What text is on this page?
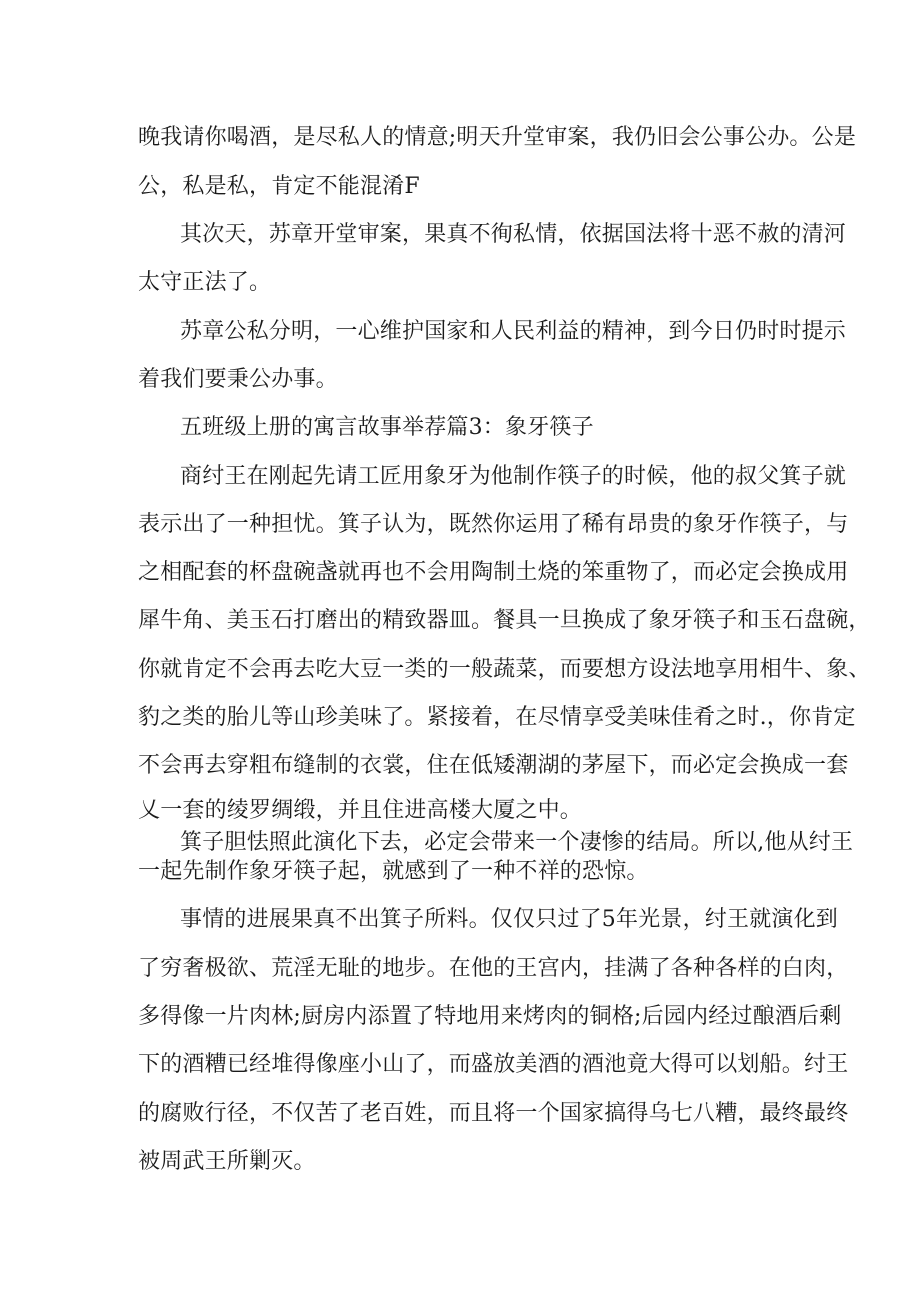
晚我请你喝酒，是尽私人的情意;明天升堂审案，我仍旧会公事公办。公是

公，私是私，肯定不能混淆F

其次天，苏章开堂审案，果真不徇私情，依据国法将十恶不赦的清河

太守正法了。

苏章公私分明，一心维护国家和人民利益的精神，到今日仍时时提示

着我们要秉公办事。

五班级上册的寓言故事举荐篇3：象牙筷子

商纣王在刚起先请工匠用象牙为他制作筷子的时候，他的叔父箕子就

表示出了一种担忧。箕子认为，既然你运用了稀有昂贵的象牙作筷子，与

之相配套的杯盘碗盏就再也不会用陶制土烧的笨重物了，而必定会换成用

犀牛角、美玉石打磨出的精致器皿。餐具一旦换成了象牙筷子和玉石盘碗，

你就肯定不会再去吃大豆一类的一般蔬菜，而要想方设法地享用相牛、象、

豹之类的胎儿等山珍美味了。紧接着，在尽情享受美味佳肴之时.，你肯定

不会再去穿粗布缝制的衣裳，住在低矮潮湖的茅屋下，而必定会换成一套

乂一套的绫罗绸缎，并且住进高楼大厦之中。

箕子胆怯照此演化下去，必定会带来一个凄惨的结局。所以,他从纣王

一起先制作象牙筷子起，就感到了一种不祥的恐惊。

事情的进展果真不出箕子所料。仅仅只过了5年光景，纣王就演化到

了穷奢极欲、荒淫无耻的地步。在他的王宫内，挂满了各种各样的白肉，

多得像一片肉林;厨房内添置了特地用来烤肉的铜格;后园内经过酿酒后剩

下的酒糟已经堆得像座小山了，而盛放美酒的酒池竟大得可以划船。纣王

的腐败行径，不仅苦了老百姓，而且将一个国家搞得乌七八糟，最终最终

被周武王所剿灭。
